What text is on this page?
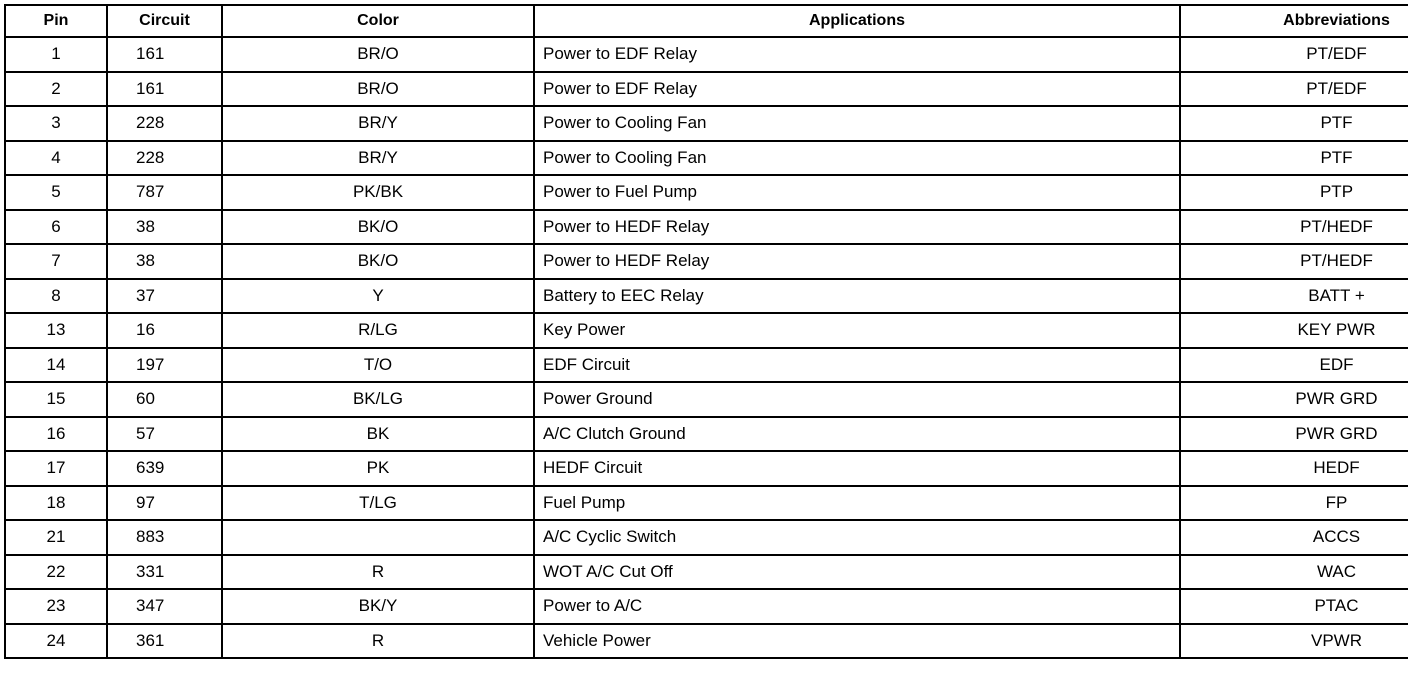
Pin	Circuit	Color	Applications	Abbreviations
1	161	BR/O	Power to EDF Relay	PT/EDF
2	161	BR/O	Power to EDF Relay	PT/EDF
3	228	BR/Y	Power to Cooling Fan	PTF
4	228	BR/Y	Power to Cooling Fan	PTF
5	787	PK/BK	Power to Fuel Pump	PTP
6	38	BK/O	Power to HEDF Relay	PT/HEDF
7	38	BK/O	Power to HEDF Relay	PT/HEDF
8	37	Y	Battery to EEC Relay	BATT +
13	16	R/LG	Key Power	KEY PWR
14	197	T/O	EDF Circuit	EDF
15	60	BK/LG	Power Ground	PWR GRD
16	57	BK	A/C Clutch Ground	PWR GRD
17	639	PK	HEDF Circuit	HEDF
18	97	T/LG	Fuel Pump	FP
21	883		A/C Cyclic Switch	ACCS
22	331	R	WOT A/C Cut Off	WAC
23	347	BK/Y	Power to A/C	PTAC
24	361	R	Vehicle Power	VPWR
